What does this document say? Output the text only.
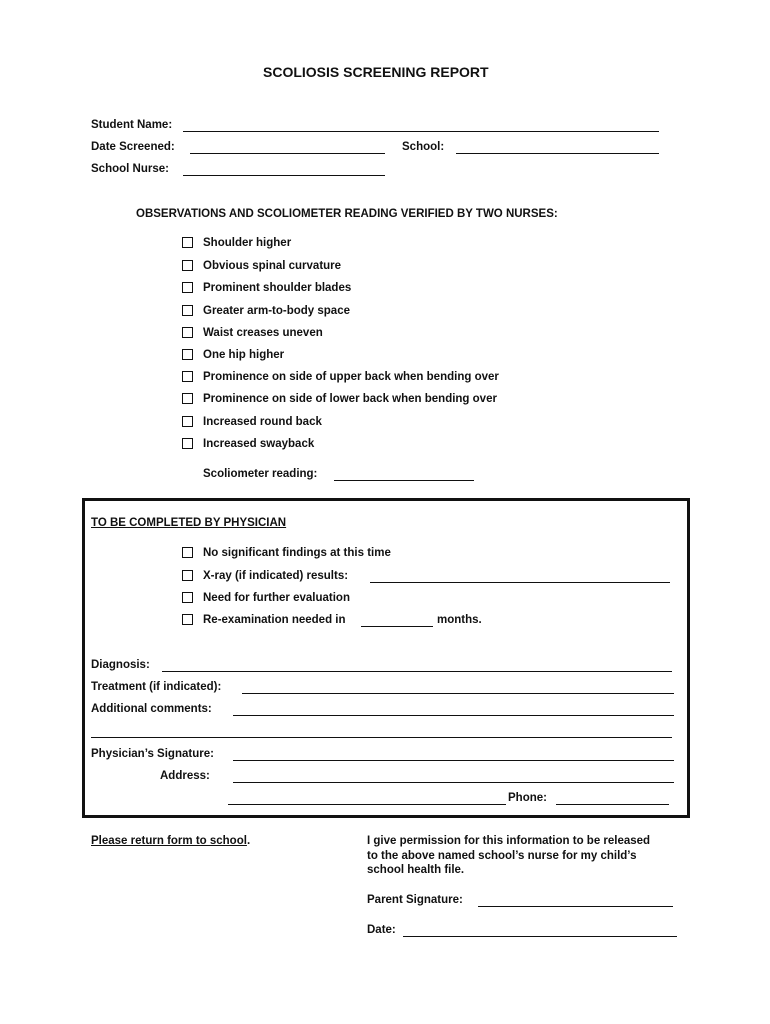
SCOLIOSIS SCREENING REPORT
Student Name:
Date Screened:	School:
School Nurse:
OBSERVATIONS AND SCOLIOMETER READING VERIFIED BY TWO NURSES:
Shoulder higher
Obvious spinal curvature
Prominent shoulder blades
Greater arm-to-body space
Waist creases uneven
One hip higher
Prominence on side of upper back when bending over
Prominence on side of lower back when bending over
Increased round back
Increased swayback
Scoliometer reading:
TO BE COMPLETED BY PHYSICIAN
No significant findings at this time
X-ray (if indicated) results:
Need for further evaluation
Re-examination needed in	months.
Diagnosis:
Treatment (if indicated):
Additional comments:
Physician’s Signature:
Address:
Phone:
Please return form to school.	I give permission for this information to be released
to the above named school’s nurse for my child’s
school health file.
Parent Signature:
Date:
